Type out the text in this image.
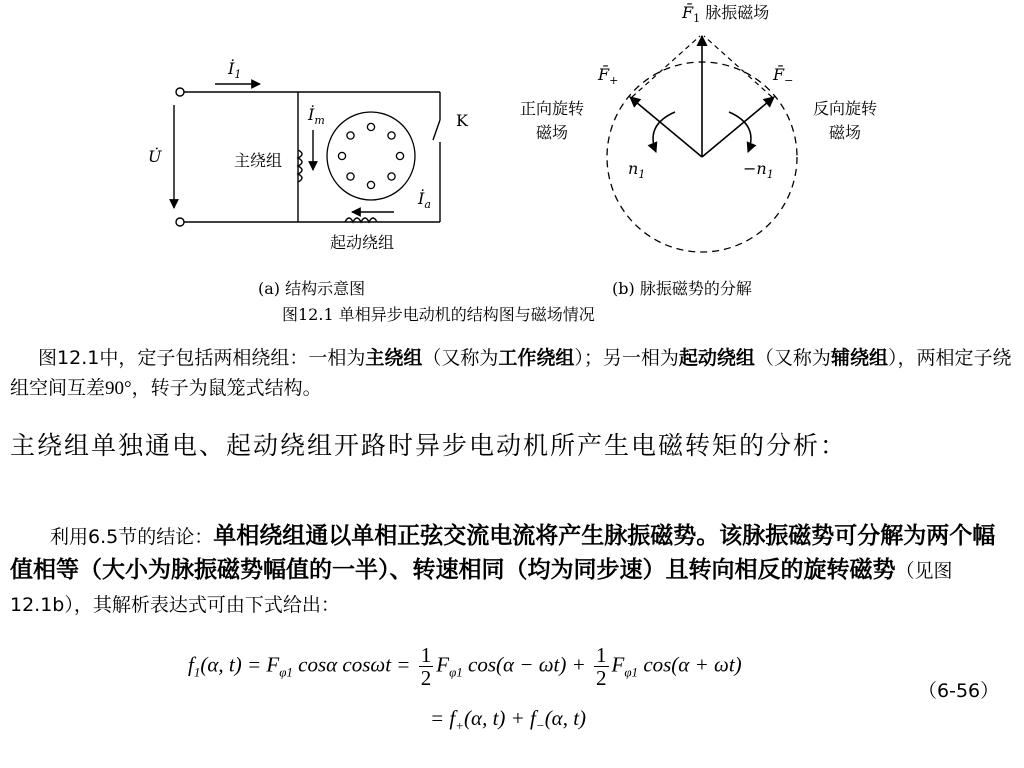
$İ_1$
U̇
$İ_m$
$İ_a$
K
主绕组
起动绕组
(a) 结构示意图
$F̄_1$ 脉振磁场
$F̄_+$	$F̄_-$
正向旋转
磁场
反向旋转
磁场
$n_1$	$-n_1$
(b) 脉振磁势的分解
图12.1 单相异步电动机的结构图与磁场情况
图12.1中，定子包括两相绕组：一相为主绕组（又称为工作绕组）；另一相为起动绕组（又称为辅绕组），两相定子绕组空间互差90°，转子为鼠笼式结构。
主绕组单独通电、起动绕组开路时异步电动机所产生电磁转矩的分析：
利用6.5节的结论：单相绕组通以单相正弦交流电流将产生脉振磁势。该脉振磁势可分解为两个幅值相等（大小为脉振磁势幅值的一半）、转速相同（均为同步速）且转向相反的旋转磁势（见图12.1b），其解析表达式可由下式给出：
$f_1(\alpha$, $t) = F_{\varphi 1}$ cosα $\cos\omega t = \frac{1}{2} F_{\varphi 1}$ $\cos(\alpha - \omega t) + \frac{1}{2} F_{\varphi 1}$ cos(α + ωt)
= $f_+(\alpha$, $t) + f_-(\alpha$, t)
（6-56）
